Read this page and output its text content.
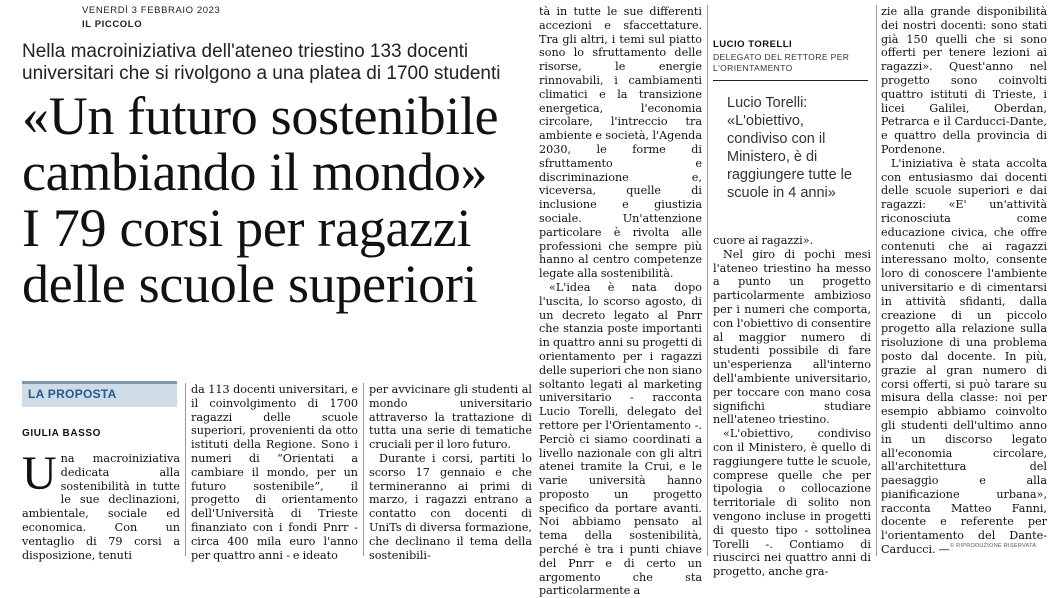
VENERDÌ 3 FEBBRAIO 2023
IL PICCOLO
Nella macroiniziativa dell'ateneo triestino 133 docenti universitari che si rivolgono a una platea di 1700 studenti
«Un futuro sostenibile
cambiando il mondo»
I 79 corsi per ragazzi
delle scuole superiori
LA PROPOSTA
GIULIA BASSO

Una macroiniziativa dedicata alla sostenibilità in tutte le sue declinazioni, ambientale, sociale ed economica. Con un ventaglio di 79 corsi a disposizione, tenuti

da 113 docenti universitari, e il coinvolgimento di 1700 ragazzi delle scuole superiori, provenienti da otto istituti della Regione. Sono i numeri di “Orientati a cambiare il mondo, per un futuro sostenibile”, il progetto di orientamento dell'Università di Trieste finanziato con i fondi Pnrr - circa 400 mila euro l'anno per quattro anni - e ideato

per avvicinare gli studenti al mondo universitario attraverso la trattazione di tutta una serie di tematiche cruciali per il loro futuro.

Durante i corsi, partiti lo scorso 17 gennaio e che termineranno ai primi di marzo, i ragazzi entrano a contatto con docenti di UniTs di diversa formazione, che declinano il tema della sostenibili-

tà in tutte le sue differenti accezioni e sfaccettature. Tra gli altri, i temi sul piatto sono lo sfruttamento delle risorse, le energie rinnovabili, i cambiamenti climatici e la transizione energetica, l'economia circolare, l'intreccio tra ambiente e società, l'Agenda 2030, le forme di sfruttamento e discriminazione e, viceversa, quelle di inclusione e giustizia sociale. Un'attenzione particolare è rivolta alle professioni che sempre più hanno al centro competenze legate alla sostenibilità.

«L'idea è nata dopo l'uscita, lo scorso agosto, di un decreto legato al Pnrr che stanzia poste importanti in quattro anni su progetti di orientamento per i ragazzi delle superiori che non siano soltanto legati al marketing universitario - racconta Lucio Torelli, delegato del rettore per l'Orientamento -. Perciò ci siamo coordinati a livello nazionale con gli altri atenei tramite la Crui, e le varie università hanno proposto un progetto specifico da portare avanti. Noi abbiamo pensato al tema della sostenibilità, perché è tra i punti chiave del Pnrr e di certo un argomento che sta particolarmente a

LUCIO TORELLI
DELEGATO DEL RETTORE PER L'ORIENTAMENTO
Lucio Torelli: «L'obiettivo, condiviso con il Ministero, è di raggiungere tutte le scuole in 4 anni»

cuore ai ragazzi».

Nel giro di pochi mesi l'ateneo triestino ha messo a punto un progetto particolarmente ambizioso per i numeri che comporta, con l'obiettivo di consentire al maggior numero di studenti possibile di fare un'esperienza all'interno dell'ambiente universitario, per toccare con mano cosa significhi studiare nell'ateneo triestino.

«L'obiettivo, condiviso con il Ministero, è quello di raggiungere tutte le scuole, comprese quelle che per tipologia o collocazione territoriale di solito non vengono incluse in progetti di questo tipo - sottolinea Torelli -. Contiamo di riuscirci nei quattro anni di progetto, anche gra-

zie alla grande disponibilità dei nostri docenti: sono stati già 150 quelli che si sono offerti per tenere lezioni ai ragazzi». Quest'anno nel progetto sono coinvolti quattro istituti di Trieste, i licei Galilei, Oberdan, Petrarca e il Carducci-Dante, e quattro della provincia di Pordenone.

L'iniziativa è stata accolta con entusiasmo dai docenti delle scuole superiori e dai ragazzi: «E' un'attività riconosciuta come educazione civica, che offre contenuti che ai ragazzi interessano molto, consente loro di conoscere l'ambiente universitario e di cimentarsi in attività sfidanti, dalla creazione di un piccolo progetto alla relazione sulla risoluzione di una problema posto dal docente. In più, grazie al gran numero di corsi offerti, si può tarare su misura della classe: noi per esempio abbiamo coinvolto gli studenti dell'ultimo anno in un discorso legato all'economia circolare, all'architettura del paesaggio e alla pianificazione urbana», racconta Matteo Fanni, docente e referente per l'orientamento del Dante-Carducci. — © RIPRODUZIONE RISERVATA
